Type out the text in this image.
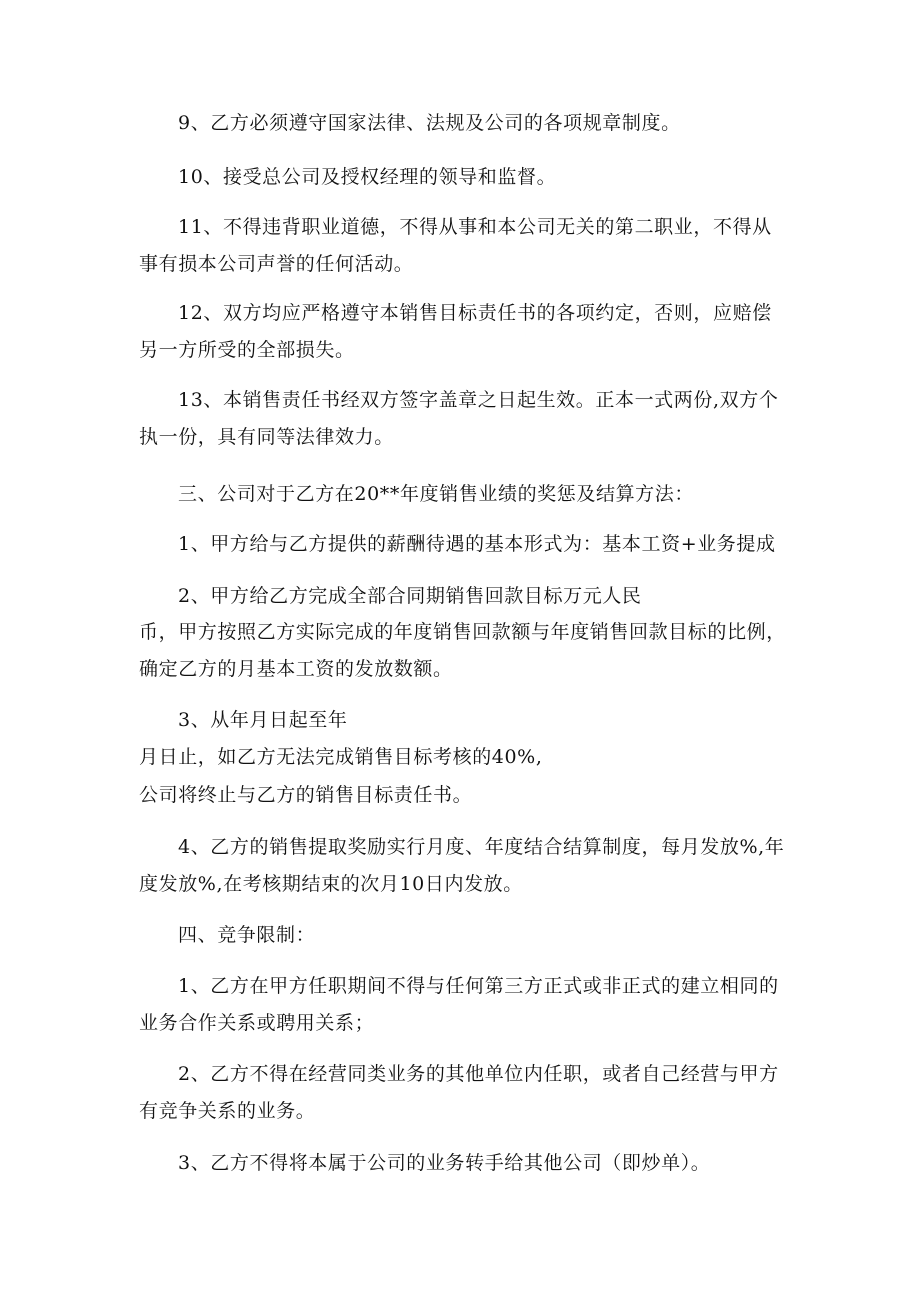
9、乙方必须遵守国家法律、法规及公司的各项规章制度。
10、接受总公司及授权经理的领导和监督。
11、不得违背职业道德，不得从事和本公司无关的第二职业，不得从
事有损本公司声誉的任何活动。
12、双方均应严格遵守本销售目标责任书的各项约定，否则，应赔偿
另一方所受的全部损失。
13、本销售责任书经双方签字盖章之日起生效。正本一式两份,双方个
执一份，具有同等法律效力。
三、公司对于乙方在20**年度销售业绩的奖惩及结算方法：
1、甲方给与乙方提供的薪酬待遇的基本形式为：基本工资+业务提成
2、甲方给乙方完成全部合同期销售回款目标万元人民
币，甲方按照乙方实际完成的年度销售回款额与年度销售回款目标的比例，
确定乙方的月基本工资的发放数额。
3、从年月日起至年
月日止，如乙方无法完成销售目标考核的40%,
公司将终止与乙方的销售目标责任书。
4、乙方的销售提取奖励实行月度、年度结合结算制度，每月发放%,年
度发放%,在考核期结束的次月10日内发放。
四、竞争限制：
1、乙方在甲方任职期间不得与任何第三方正式或非正式的建立相同的
业务合作关系或聘用关系；
2、乙方不得在经营同类业务的其他单位内任职，或者自己经营与甲方
有竞争关系的业务。
3、乙方不得将本属于公司的业务转手给其他公司（即炒单）。
